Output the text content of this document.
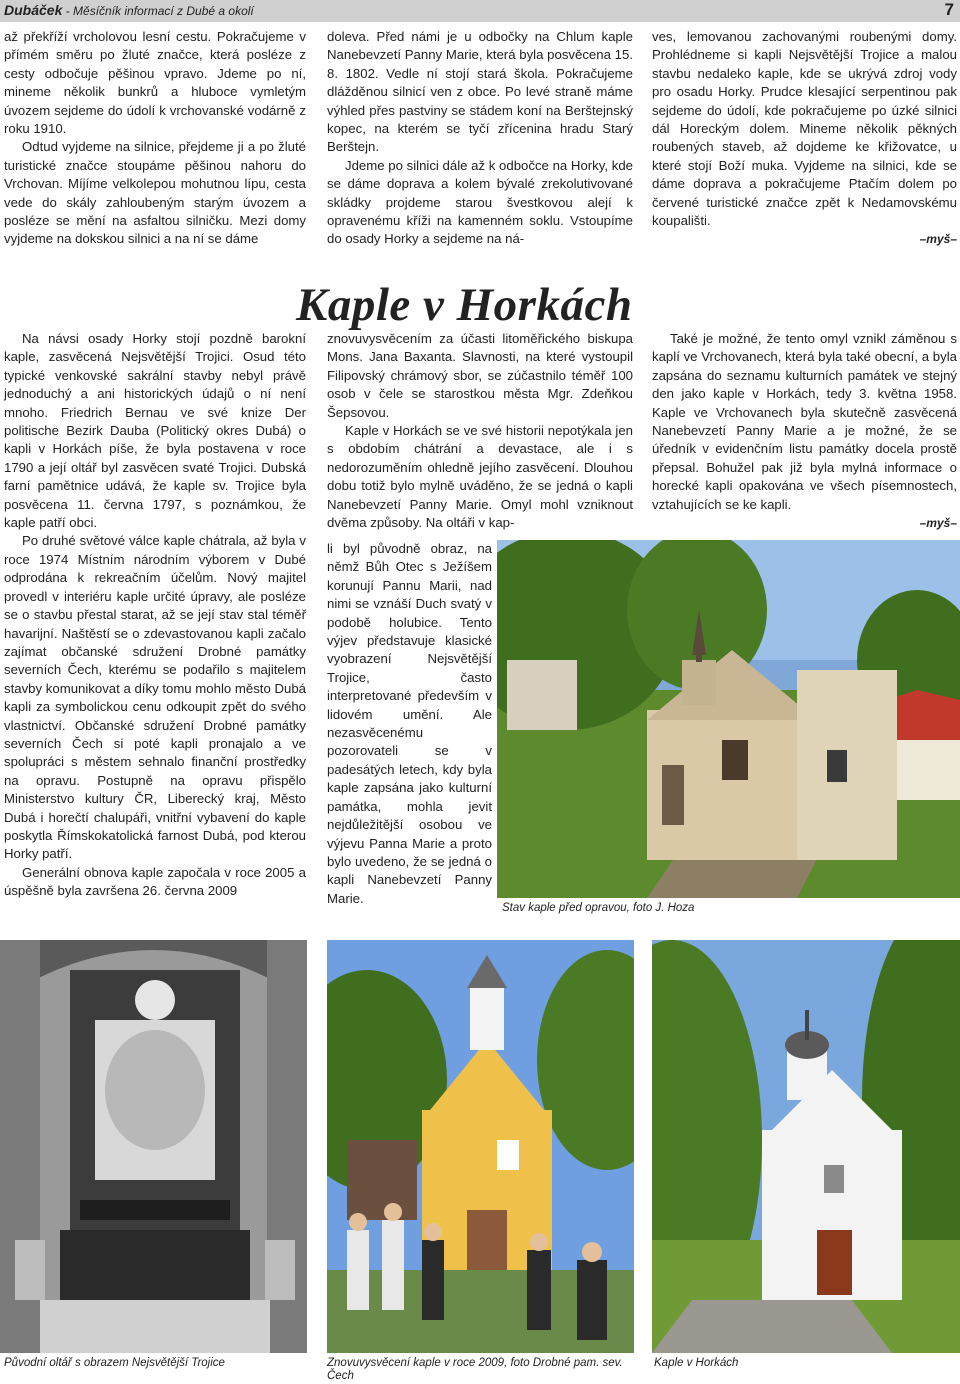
Dubáček - Měsíčník informací z Dubé a okolí	7

až překříží vrcholovou lesní cestu. Pokračujeme v přímém směru po žluté značce, která posléze z cesty odbočuje pěšinou vpravo. Jdeme po ní, mineme několik bunkrů a hluboce vymletým úvozem sejdeme do údolí k vrchovanské vodárně z roku 1910.

Odtud vyjdeme na silnice, přejdeme ji a po žluté turistické značce stoupáme pěšinou nahoru do Vrchovan. Míjíme velkolepou mohutnou lípu, cesta vede do skály zahloubeným starým úvozem a posléze se mění na asfaltou silničku. Mezi domy vyjdeme na dokskou silnici a na ní se dáme

doleva. Před námi je u odbočky na Chlum kaple Nanebevzetí Panny Marie, která byla posvěcena 15. 8. 1802. Vedle ní stojí stará škola. Pokračujeme dlážděnou silnicí ven z obce. Po levé straně máme výhled přes pastviny se stádem koní na Berštejnský kopec, na kterém se tyčí zřícenina hradu Starý Berštejn.

Jdeme po silnici dále až k odbočce na Horky, kde se dáme doprava a kolem bývalé zrekolutivované skládky projdeme starou švestkovou alejí k opravenému kříži na kamenném soklu. Vstoupíme do osady Horky a sejdeme na ná-

ves, lemovanou zachovanými roubenými domy. Prohlédneme si kapli Nejsvětější Trojice a malou stavbu nedaleko kaple, kde se ukrývá zdroj vody pro osadu Horky. Prudce klesající serpentinou pak sejdeme do údolí, kde pokračujeme po úzké silnici dál Horeckým dolem. Mineme několik pěkných roubených staveb, až dojdeme ke křižovatce, u které stojí Boží muka. Vyjdeme na silnici, kde se dáme doprava a pokračujeme Ptačím dolem po červené turistické značce zpět k Nedamovskému koupališti.

–myš–
Kaple v Horkách

Na návsi osady Horky stojí pozdně barokní kaple, zasvěcená Nejsvětější Trojici. Osud této typické venkovské sakrální stavby nebyl právě jednoduchý a ani historických údajů o ní není mnoho. Friedrich Bernau ve své knize Der politische Bezirk Dauba (Politický okres Dubá) o kapli v Horkách píše, že byla postavena v roce 1790 a její oltář byl zasvěcen svaté Trojici. Dubská farní pamětnice udává, že kaple sv. Trojice byla posvěcena 11. června 1797, s poznámkou, že kaple patří obci.

Po druhé světové válce kaple chátrala, až byla v roce 1974 Místním národním výborem v Dubé odprodána k rekreačním účelům. Nový majitel provedl v interiéru kaple určité úpravy, ale posléze se o stavbu přestal starat, až se její stav stal téměř havarijní. Naštěstí se o zdevastovanou kapli začalo zajímat občanské sdružení Drobné památky severních Čech, kterému se podařilo s majitelem stavby komunikovat a díky tomu mohlo město Dubá kapli za symbolickou cenu odkoupit zpět do svého vlastnictví. Občanské sdružení Drobné památky severních Čech si poté kapli pronajalo a ve spolupráci s městem sehnalo finanční prostředky na opravu. Postupně na opravu přispělo Ministerstvo kultury ČR, Liberecký kraj, Město Dubá i horečtí chalupáři, vnitřní vybavení do kaple poskytla Římskokatolická farnost Dubá, pod kterou Horky patří.

Generální obnova kaple započala v roce 2005 a úspěšně byla završena 26. června 2009

znovuvysvěcením za účasti litoměřického biskupa Mons. Jana Baxanta. Slavnosti, na které vystoupil Filipovský chrámový sbor, se zúčastnilo téměř 100 osob v čele se starostkou města Mgr. Zdeňkou Šepsovou.

Kaple v Horkách se ve své historii nepotýkala jen s obdobím chátrání a devastace, ale i s nedorozuměním ohledně jejího zasvěcení. Dlouhou dobu totiž bylo mylně uváděno, že se jedná o kapli Nanebevzetí Panny Marie. Omyl mohl vzniknout dvěma způsoby. Na oltáři v kap-

li byl původně obraz, na němž Bůh Otec s Ježíšem korunují Pannu Marii, nad nimi se vznáší Duch svatý v podobě holubice. Tento výjev představuje klasické vyobrazení Nejsvětější Trojice, často interpretované především v lidovém umění. Ale nezasvěcenému pozorovateli se v padesátých letech, kdy byla kaple zapsána jako kulturní památka, mohla jevit nejdůležitější osobou ve výjevu Panna Marie a proto bylo uvedeno, že se jedná o kapli Nanebevzetí Panny Marie.

Také je možné, že tento omyl vznikl záměnou s kaplí ve Vrchovanech, která byla také obecní, a byla zapsána do seznamu kulturních památek ve stejný den jako kaple v Horkách, tedy 3. května 1958. Kaple ve Vrchovanech byla skutečně zasvěcená Nanebevzetí Panny Marie a je možné, že se úředník v evidenčním listu památky docela prostě přepsal. Bohužel pak již byla mylná informace o horecké kapli opakována ve všech písemnostech, vztahujících se ke kapli.

–myš–
Stav kaple před opravou, foto J. Hoza
Původní oltář s obrazem Nejsvětější Trojice	Znovuvysvěcení kaple v roce 2009, foto Drobné pam. sev. Čech
Kaple v Horkách
